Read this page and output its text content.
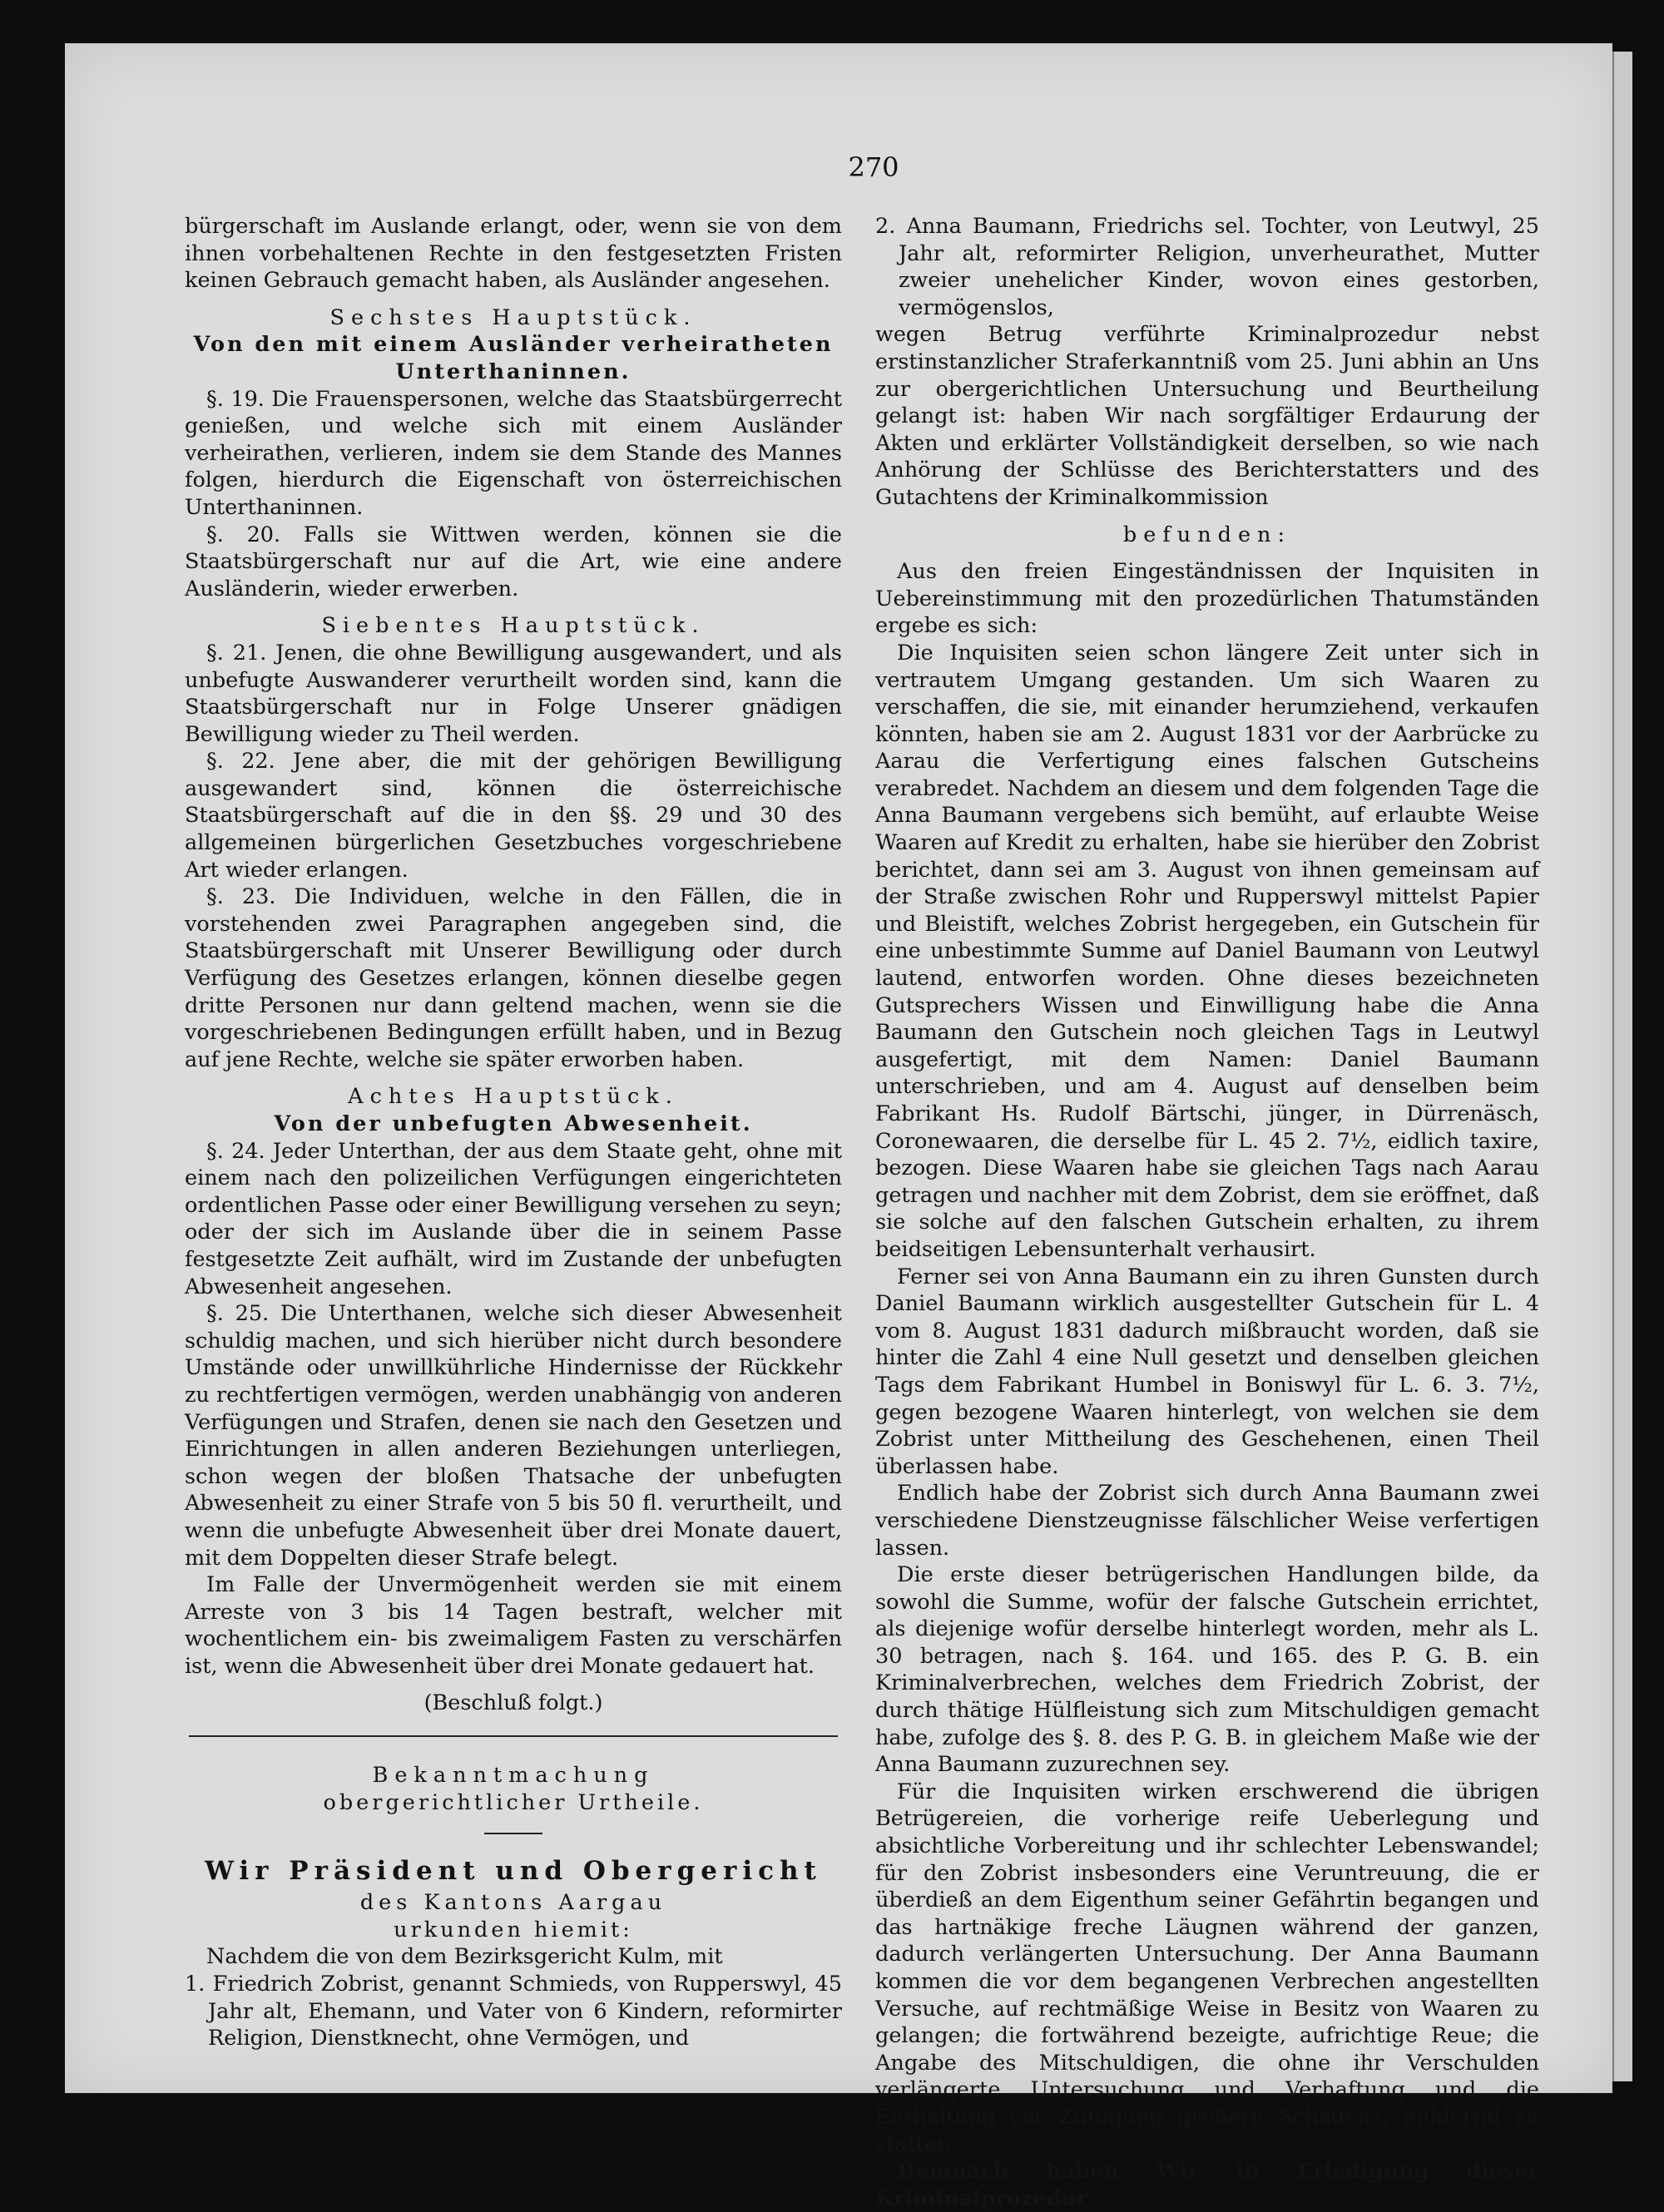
270

bürgerschaft im Auslande erlangt, oder, wenn sie von dem ihnen vorbehaltenen Rechte in den festgesetzten Fristen keinen Gebrauch gemacht haben, als Ausländer angesehen.

Sechstes Hauptstück.

Von den mit einem Ausländer verheiratheten Unterthaninnen.

§. 19. Die Frauenspersonen, welche das Staatsbürgerrecht genießen, und welche sich mit einem Ausländer verheirathen, verlieren, indem sie dem Stande des Mannes folgen, hierdurch die Eigenschaft von österreichischen Unterthaninnen.

§. 20. Falls sie Wittwen werden, können sie die Staatsbürgerschaft nur auf die Art, wie eine andere Ausländerin, wieder erwerben.

Siebentes Hauptstück.

§. 21. Jenen, die ohne Bewilligung ausgewandert, und als unbefugte Auswanderer verurtheilt worden sind, kann die Staatsbürgerschaft nur in Folge Unserer gnädigen Bewilligung wieder zu Theil werden.

§. 22. Jene aber, die mit der gehörigen Bewilligung ausgewandert sind, können die österreichische Staatsbürgerschaft auf die in den §§. 29 und 30 des allgemeinen bürgerlichen Gesetzbuches vorgeschriebene Art wieder erlangen.

§. 23. Die Individuen, welche in den Fällen, die in vorstehenden zwei Paragraphen angegeben sind, die Staatsbürgerschaft mit Unserer Bewilligung oder durch Verfügung des Gesetzes erlangen, können dieselbe gegen dritte Personen nur dann geltend machen, wenn sie die vorgeschriebenen Bedingungen erfüllt haben, und in Bezug auf jene Rechte, welche sie später erworben haben.

Achtes Hauptstück.

Von der unbefugten Abwesenheit.

§. 24. Jeder Unterthan, der aus dem Staate geht, ohne mit einem nach den polizeilichen Verfügungen eingerichteten ordentlichen Passe oder einer Bewilligung versehen zu seyn; oder der sich im Auslande über die in seinem Passe festgesetzte Zeit aufhält, wird im Zustande der unbefugten Abwesenheit angesehen.

§. 25. Die Unterthanen, welche sich dieser Abwesenheit schuldig machen, und sich hierüber nicht durch besondere Umstände oder unwillkührliche Hindernisse der Rückkehr zu rechtfertigen vermögen, werden unabhängig von anderen Verfügungen und Strafen, denen sie nach den Gesetzen und Einrichtungen in allen anderen Beziehungen unterliegen, schon wegen der bloßen Thatsache der unbefugten Abwesenheit zu einer Strafe von 5 bis 50 fl. verurtheilt, und wenn die unbefugte Abwesenheit über drei Monate dauert, mit dem Doppelten dieser Strafe belegt.

Im Falle der Unvermögenheit werden sie mit einem Arreste von 3 bis 14 Tagen bestraft, welcher mit wochentlichem ein- bis zweimaligem Fasten zu verschärfen ist, wenn die Abwesenheit über drei Monate gedauert hat.

(Beschluß folgt.)

Bekanntmachung

obergerichtlicher Urtheile.

Wir Präsident und Obergericht

des Kantons Aargau

urkunden hiemit:

Nachdem die von dem Bezirksgericht Kulm, mit

1. Friedrich Zobrist, genannt Schmieds, von Rupperswyl, 45 Jahr alt, Ehemann, und Vater von 6 Kindern, reformirter Religion, Dienstknecht, ohne Vermögen, und

2. Anna Baumann, Friedrichs sel. Tochter, von Leutwyl, 25 Jahr alt, reformirter Religion, unverheurathet, Mutter zweier unehelicher Kinder, wovon eines gestorben, vermögenslos,

wegen Betrug verführte Kriminalprozedur nebst erstinstanzlicher Straferkanntniß vom 25. Juni abhin an Uns zur obergerichtlichen Untersuchung und Beurtheilung gelangt ist: haben Wir nach sorgfältiger Erdaurung der Akten und erklärter Vollständigkeit derselben, so wie nach Anhörung der Schlüsse des Berichterstatters und des Gutachtens der Kriminalkommission

befunden:

Aus den freien Eingeständnissen der Inquisiten in Uebereinstimmung mit den prozedürlichen Thatumständen ergebe es sich:

Die Inquisiten seien schon längere Zeit unter sich in vertrautem Umgang gestanden. Um sich Waaren zu verschaffen, die sie, mit einander herumziehend, verkaufen könnten, haben sie am 2. August 1831 vor der Aarbrücke zu Aarau die Verfertigung eines falschen Gutscheins verabredet. Nachdem an diesem und dem folgenden Tage die Anna Baumann vergebens sich bemüht, auf erlaubte Weise Waaren auf Kredit zu erhalten, habe sie hierüber den Zobrist berichtet, dann sei am 3. August von ihnen gemeinsam auf der Straße zwischen Rohr und Rupperswyl mittelst Papier und Bleistift, welches Zobrist hergegeben, ein Gutschein für eine unbestimmte Summe auf Daniel Baumann von Leutwyl lautend, entworfen worden. Ohne dieses bezeichneten Gutsprechers Wissen und Einwilligung habe die Anna Baumann den Gutschein noch gleichen Tags in Leutwyl ausgefertigt, mit dem Namen: Daniel Baumann unterschrieben, und am 4. August auf denselben beim Fabrikant Hs. Rudolf Bärtschi, jünger, in Dürrenäsch, Coronewaaren, die derselbe für L. 45 2. 7½, eidlich taxire, bezogen. Diese Waaren habe sie gleichen Tags nach Aarau getragen und nachher mit dem Zobrist, dem sie eröffnet, daß sie solche auf den falschen Gutschein erhalten, zu ihrem beidseitigen Lebensunterhalt verhausirt.

Ferner sei von Anna Baumann ein zu ihren Gunsten durch Daniel Baumann wirklich ausgestellter Gutschein für L. 4 vom 8. August 1831 dadurch mißbraucht worden, daß sie hinter die Zahl 4 eine Null gesetzt und denselben gleichen Tags dem Fabrikant Humbel in Boniswyl für L. 6. 3. 7½, gegen bezogene Waaren hinterlegt, von welchen sie dem Zobrist unter Mittheilung des Geschehenen, einen Theil überlassen habe.

Endlich habe der Zobrist sich durch Anna Baumann zwei verschiedene Dienstzeugnisse fälschlicher Weise verfertigen lassen.

Die erste dieser betrügerischen Handlungen bilde, da sowohl die Summe, wofür der falsche Gutschein errichtet, als diejenige wofür derselbe hinterlegt worden, mehr als L. 30 betragen, nach §. 164. und 165. des P. G. B. ein Kriminalverbrechen, welches dem Friedrich Zobrist, der durch thätige Hülfleistung sich zum Mitschuldigen gemacht habe, zufolge des §. 8. des P. G. B. in gleichem Maße wie der Anna Baumann zuzurechnen sey.

Für die Inquisiten wirken erschwerend die übrigen Betrügereien, die vorherige reife Ueberlegung und absichtliche Vorbereitung und ihr schlechter Lebenswandel; für den Zobrist insbesonders eine Veruntreuung, die er überdieß an dem Eigenthum seiner Gefährtin begangen und das hartnäkige freche Läugnen während der ganzen, dadurch verlängerten Untersuchung. Der Anna Baumann kommen die vor dem begangenen Verbrechen angestellten Versuche, auf rechtmäßige Weise in Besitz von Waaren zu gelangen; die fortwährend bezeigte, aufrichtige Reue; die Angabe des Mitschuldigen, die ohne ihr Verschulden verlängerte Untersuchung und Verhaftung und die Enthaltung vor Zufügung größern Schadens, mildernd zu statten.

Demnach haben Wir in Erledigung dieser Kriminalprozedur
